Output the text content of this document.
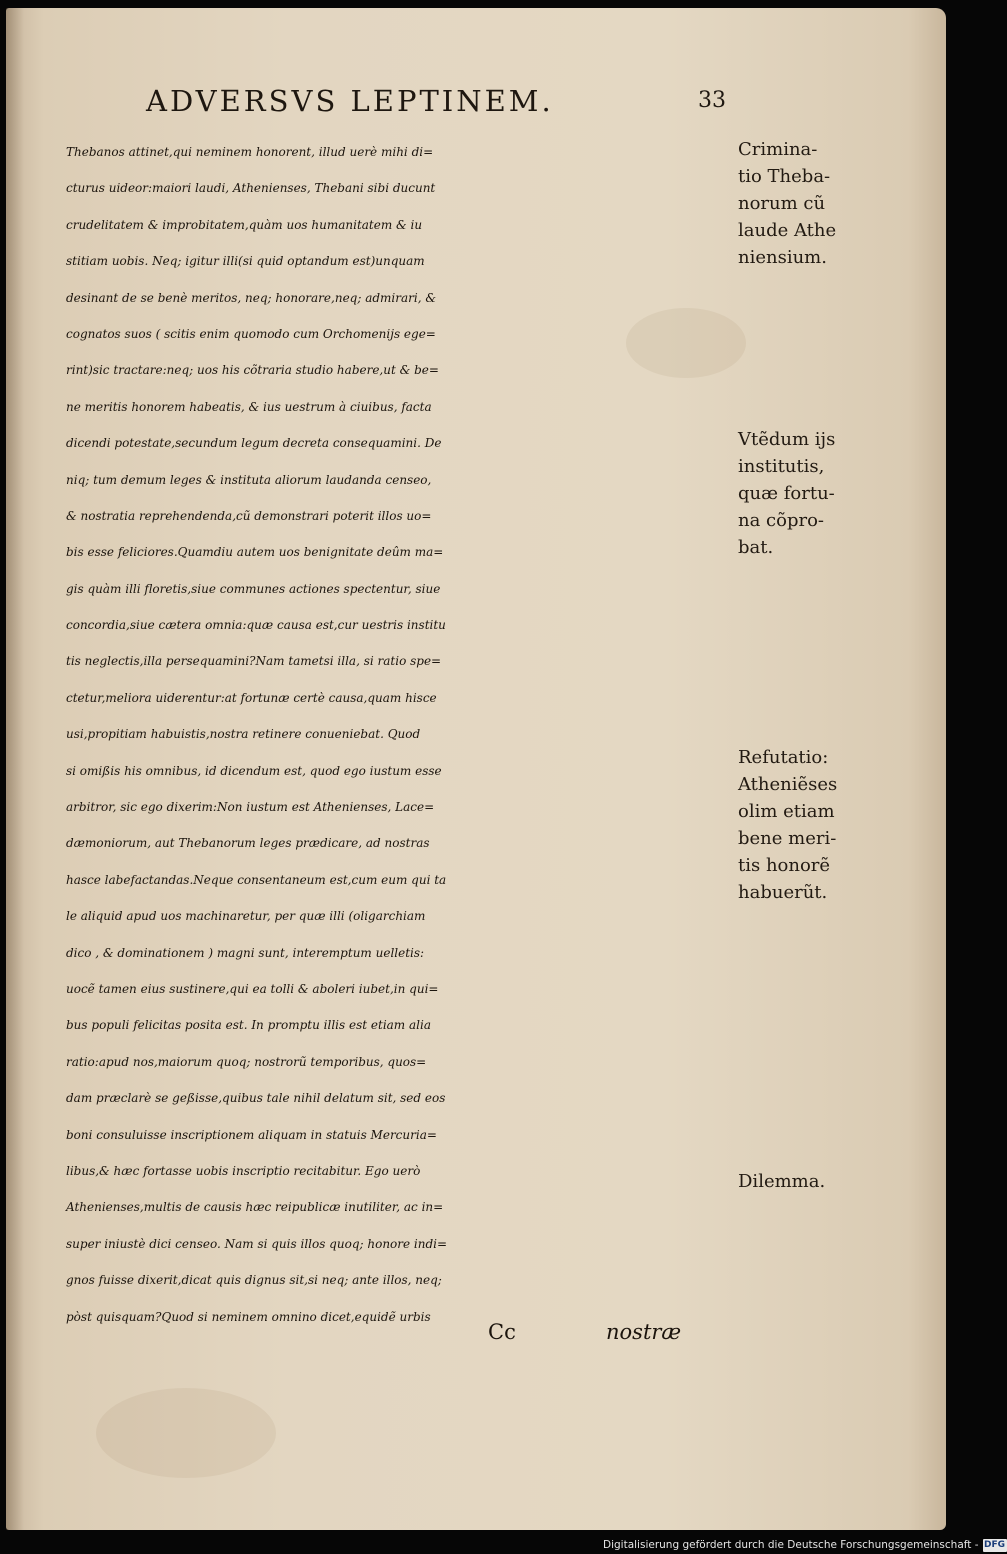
ADVERSVS LEPTINEM.	33
Thebanos attinet,qui neminem honorent, illud uerè mihi di=
cturus uideor:maiori laudi, Athenienses, Thebani sibi ducunt
crudelitatem & improbitatem,quàm uos humanitatem & iu
stitiam uobis. Neq; igitur illi(si quid optandum est)unquam
desinant de se benè meritos, neq; honorare,neq; admirari, &
cognatos suos ( scitis enim quomodo cum Orchomenijs ege=
rint)sic tractare:neq; uos his cõtraria studio habere,ut & be=
ne meritis honorem habeatis, & ius uestrum à ciuibus, facta
dicendi potestate,secundum legum decreta consequamini. De
niq; tum demum leges & instituta aliorum laudanda censeo,
& nostratia reprehendenda,cũ demonstrari poterit illos uo=
bis esse feliciores.Quamdiu autem uos benignitate deûm ma=
gis quàm illi floretis,siue communes actiones spectentur, siue
concordia,siue cætera omnia:quæ causa est,cur uestris institu
tis neglectis,illa persequamini?Nam tametsi illa, si ratio spe=
ctetur,meliora uiderentur:at fortunæ certè causa,quam hisce
usi,propitiam habuistis,nostra retinere conueniebat. Quod
si omißis his omnibus, id dicendum est, quod ego iustum esse
arbitror, sic ego dixerim:Non iustum est Athenienses, Lace=
dæmoniorum, aut Thebanorum leges prædicare, ad nostras
hasce labefactandas.Neque consentaneum est,cum eum qui ta
le aliquid apud uos machinaretur, per quæ illi (oligarchiam
dico , & dominationem ) magni sunt, interemptum uelletis:
uocẽ tamen eius sustinere,qui ea tolli & aboleri iubet,in qui=
bus populi felicitas posita est. In promptu illis est etiam alia
ratio:apud nos,maiorum quoq; nostrorũ temporibus, quos=
dam præclarè se geßisse,quibus tale nihil delatum sit, sed eos
boni consuluisse inscriptionem aliquam in statuis Mercuria=
libus,& hæc fortasse uobis inscriptio recitabitur. Ego uerò
Athenienses,multis de causis hæc reipublicæ inutiliter, ac in=
super iniustè dici censeo. Nam si quis illos quoq; honore indi=
gnos fuisse dixerit,dicat quis dignus sit,si neq; ante illos, neq;
pòst quisquam?Quod si neminem omnino dicet,equidẽ urbis
Cc	nostræ
Crimina-
tio Theba-
norum cũ
laude Athe
niensium.
Vtẽdum ijs
institutis,
quæ fortu-
na cõpro-
bat.
Refutatio:
Atheniẽses
olim etiam
bene meri-
tis honorẽ
habuerũt.
Dilemma.
Digitalisierung gefördert durch die Deutsche Forschungsgemeinschaft - DFG
